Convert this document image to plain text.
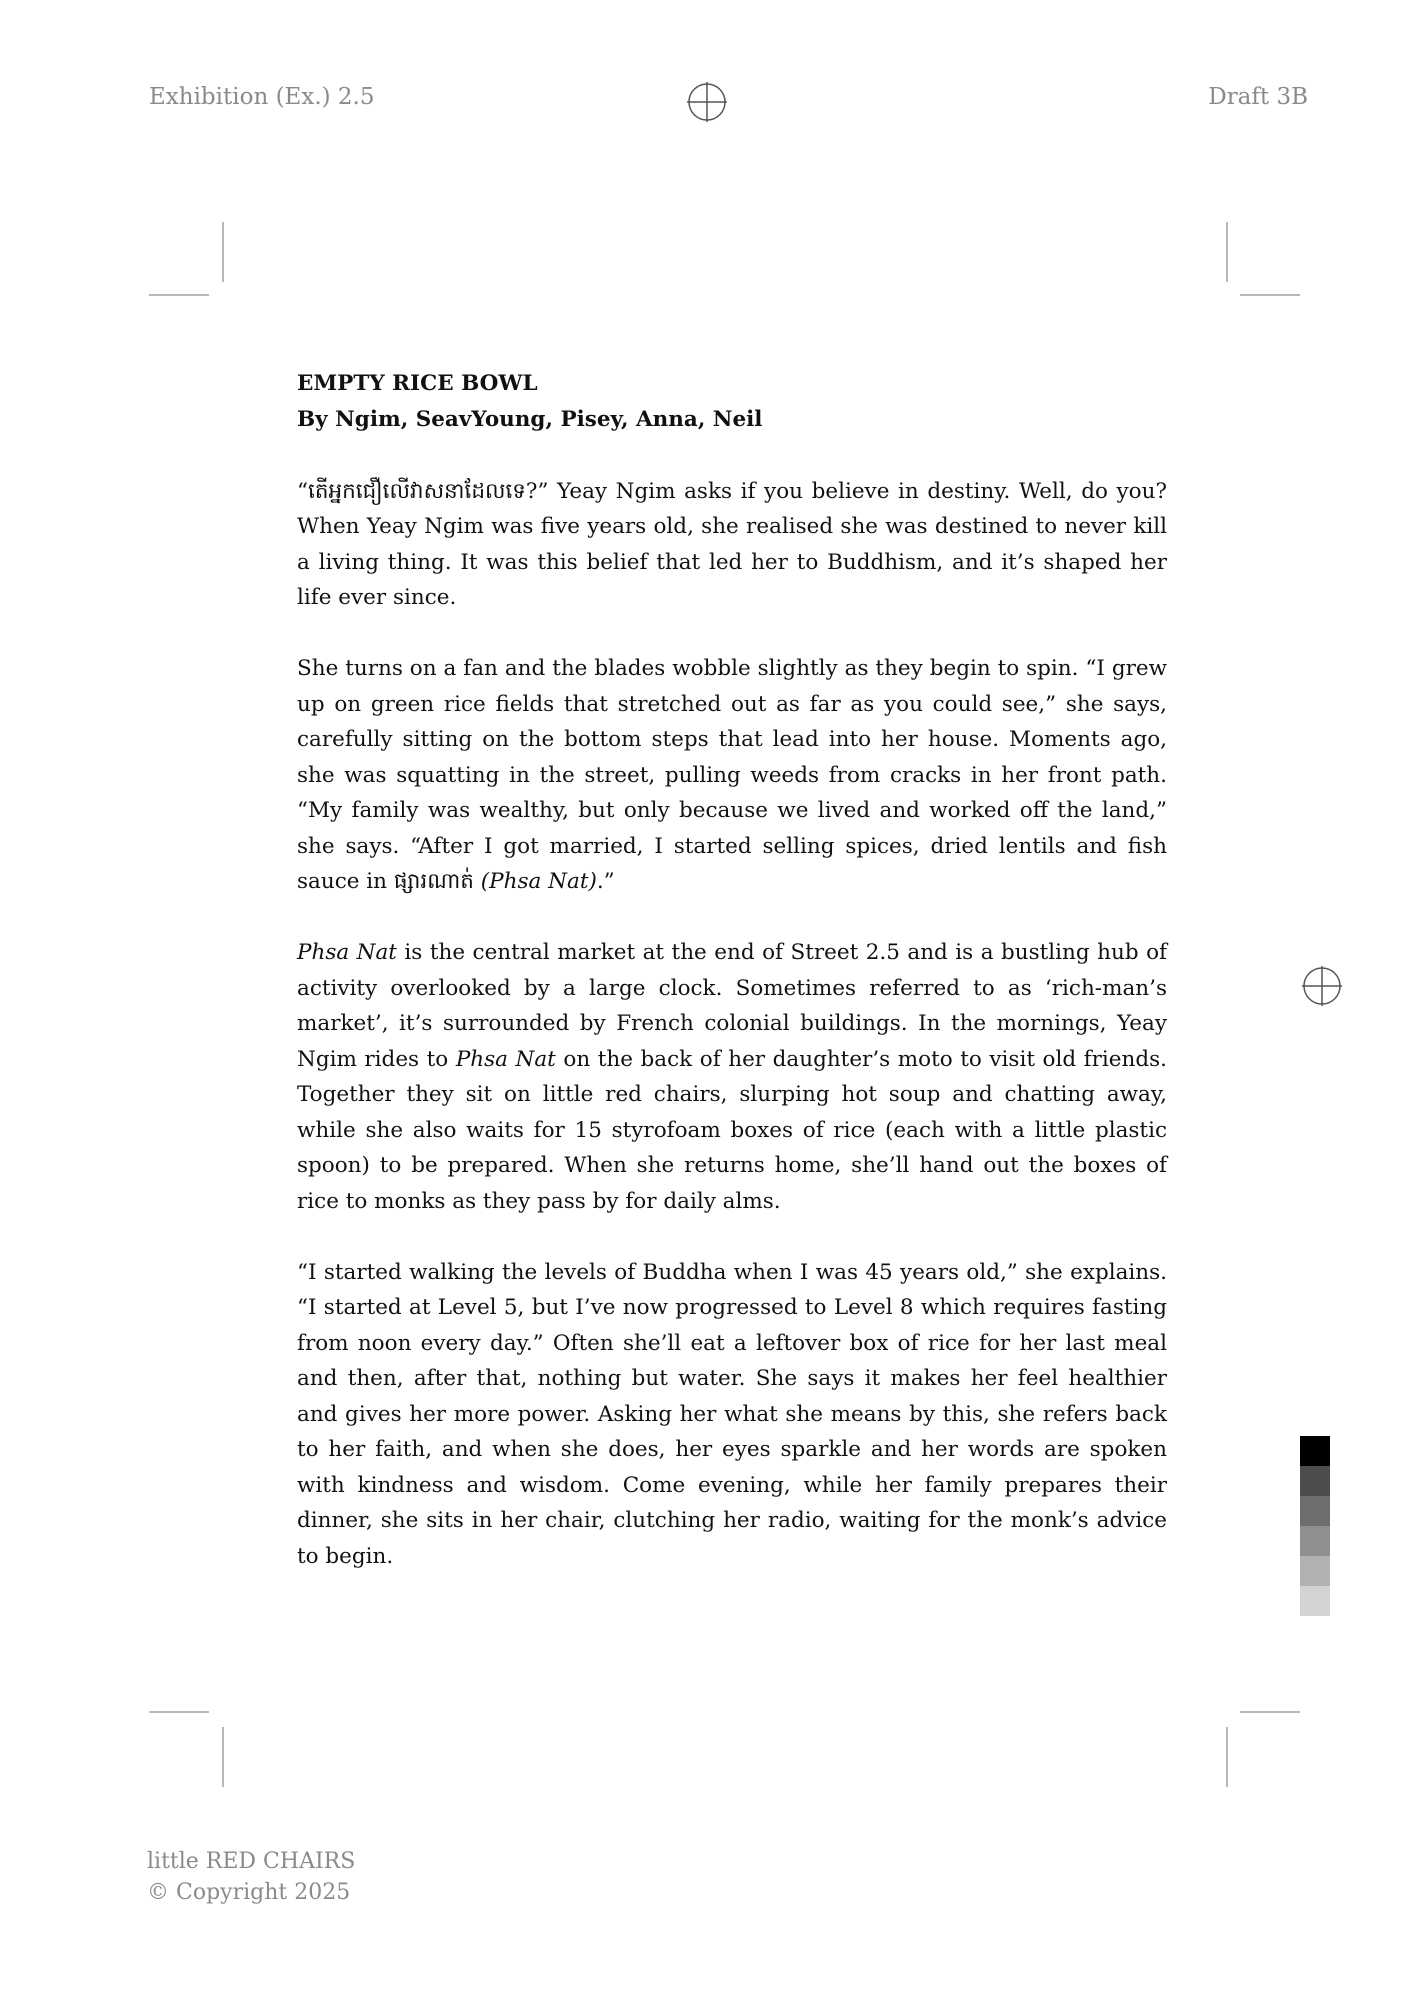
Exhibition (Ex.) 2.5	Draft 3B
EMPTY RICE BOWL
By Ngim, SeavYoung, Pisey, Anna, Neil

“តើអ្នកជឿលើវាសនាដែលទេ?” Yeay Ngim asks if you believe in destiny. Well, do you? When Yeay Ngim was five years old, she realised she was destined to never kill a living thing. It was this belief that led her to Buddhism, and it’s shaped her life ever since.

She turns on a fan and the blades wobble slightly as they begin to spin. “I grew up on green rice fields that stretched out as far as you could see,” she says, carefully sitting on the bottom steps that lead into her house. Moments ago, she was squatting in the street, pulling weeds from cracks in her front path. “My family was wealthy, but only because we lived and worked off the land,” she says. “After I got married, I started selling spices, dried lentils and fish sauce in ផ្សារណាត់ (Phsa Nat).”

Phsa Nat is the central market at the end of Street 2.5 and is a bustling hub of activity overlooked by a large clock. Sometimes referred to as ‘rich-man’s market’, it’s surrounded by French colonial buildings. In the mornings, Yeay Ngim rides to Phsa Nat on the back of her daughter’s moto to visit old friends. Together they sit on little red chairs, slurping hot soup and chatting away, while she also waits for 15 styrofoam boxes of rice (each with a little plastic spoon) to be prepared. When she returns home, she’ll hand out the boxes of rice to monks as they pass by for daily alms.

“I started walking the levels of Buddha when I was 45 years old,” she explains. “I started at Level 5, but I’ve now progressed to Level 8 which requires fasting from noon every day.” Often she’ll eat a leftover box of rice for her last meal and then, after that, nothing but water. She says it makes her feel healthier and gives her more power. Asking her what she means by this, she refers back to her faith, and when she does, her eyes sparkle and her words are spoken with kindness and wisdom. Come evening, while her family prepares their dinner, she sits in her chair, clutching her radio, waiting for the monk’s advice to begin.

little RED CHAIRS
© Copyright 2025
